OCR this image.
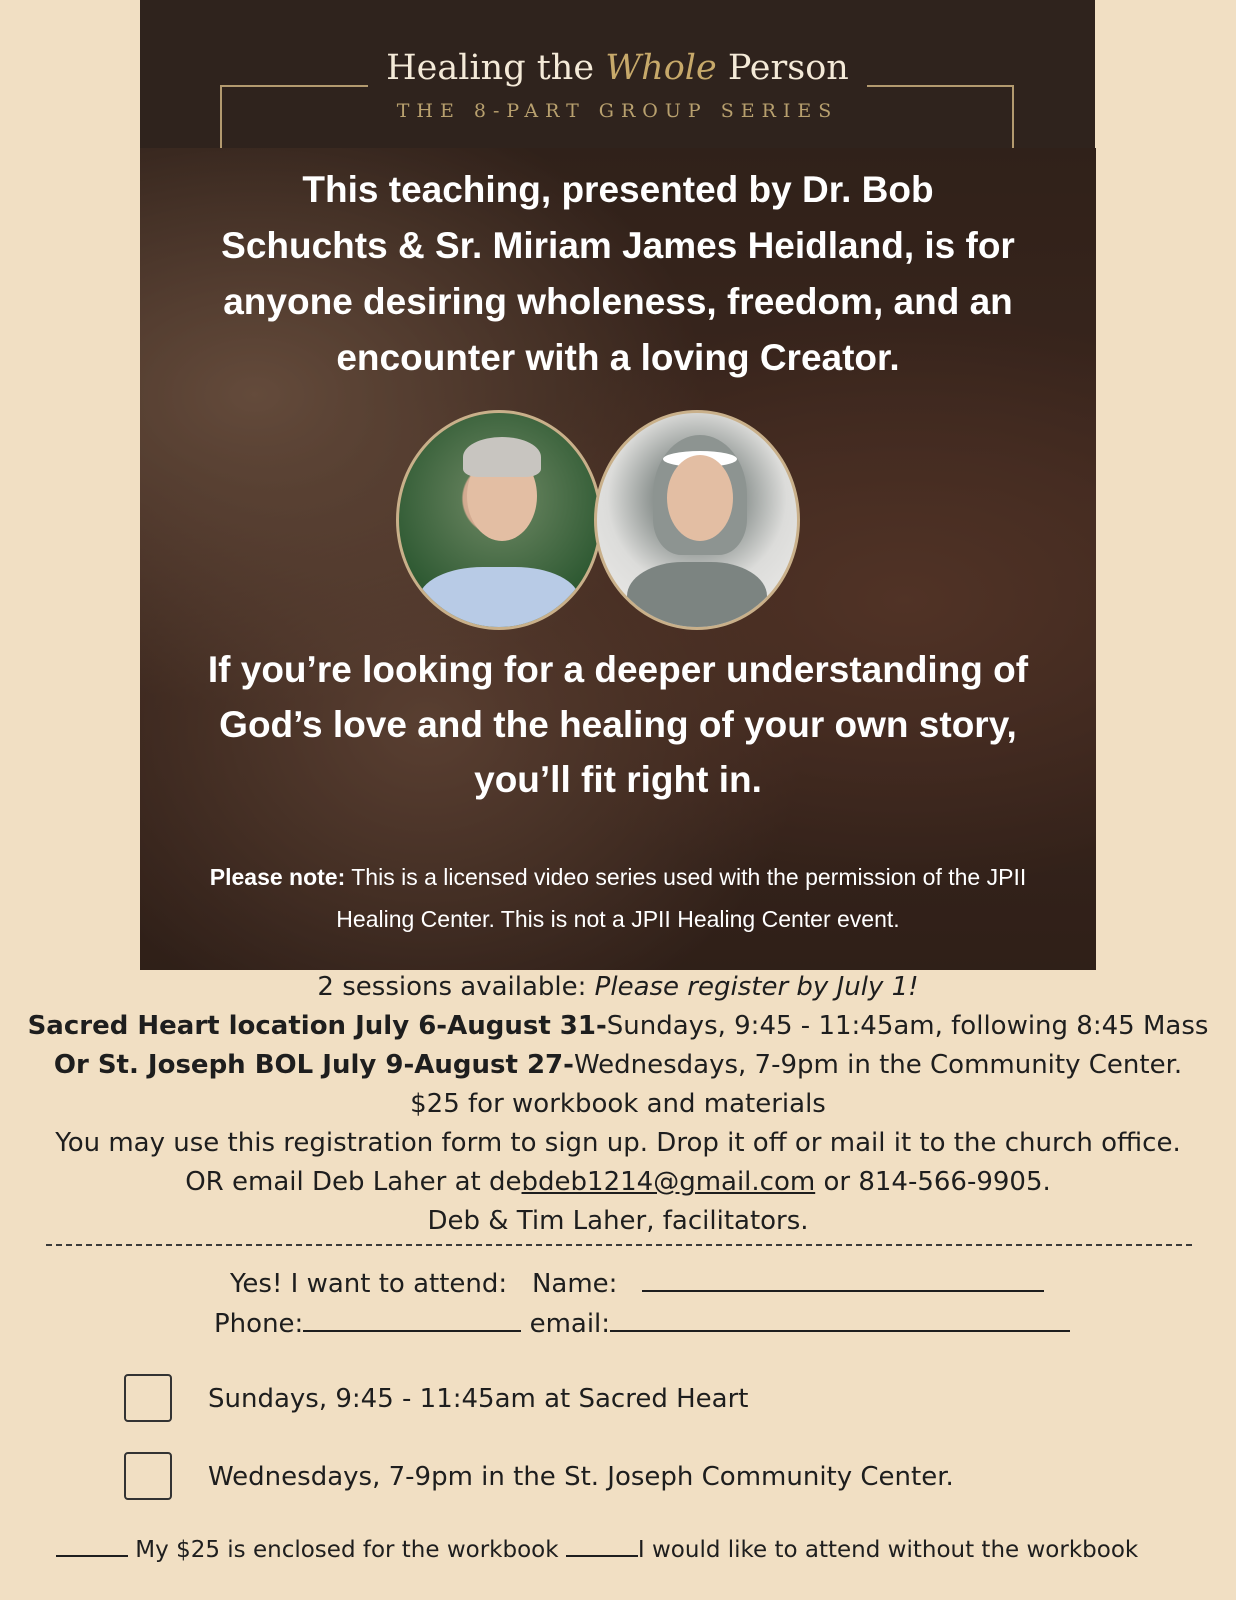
Healing the Whole Person
THE 8-PART GROUP SERIES
This teaching, presented by Dr. Bob Schuchts & Sr. Miriam James Heidland, is for anyone desiring wholeness, freedom, and an encounter with a loving Creator.
If you’re looking for a deeper understanding of God’s love and the healing of your own story, you’ll fit right in.
Please note: This is a licensed video series used with the permission of the JPII Healing Center. This is not a JPII Healing Center event.
2 sessions available: Please register by July 1!
Sacred Heart location July 6-August 31-Sundays, 9:45 - 11:45am, following 8:45 Mass
Or St. Joseph BOL July 9-August 27-Wednesdays, 7-9pm in the Community Center.
$25 for workbook and materials
You may use this registration form to sign up. Drop it off or mail it to the church office.
OR email Deb Laher at debdeb1214@gmail.com or 814-566-9905.
Deb & Tim Laher, facilitators.
Yes! I want to attend: Name:
Phone:	email:
Sundays, 9:45 - 11:45am at Sacred Heart
Wednesdays, 7-9pm in the St. Joseph Community Center.
My $25 is enclosed for the workbook	I would like to attend without the workbook
